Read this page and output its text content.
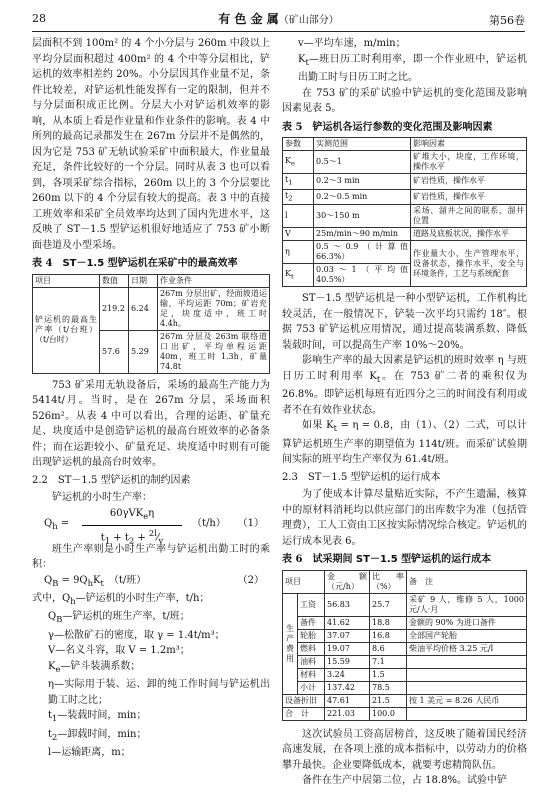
28	有 色 金 属（矿山部分）	第56卷

层面积不到 100m² 的 4 个小分层与 260m 中段以上平均分层面积超过 400m² 的 4 个中等分层相比，铲运机的效率相差约 20%。小分层因其作业量不足，条件比较差，对铲运机性能发挥有一定的限制，但并不与分层面积成正比例。分层大小对铲运机效率的影响，从本质上看是作业量和作业条件的影响。表 4 中所列的最高记录都发生在 267m 分层并不是偶然的，因为它是 753 矿无轨试验采矿中面积最大，作业量最充足，条件比较好的一个分层。同时从表 3 也可以看到，各项采矿综合指标，260m 以上的 3 个分层要比 260m 以下的 4 个分层有较大的提高。表 3 中的直接工班效率和采矿全员效率均达到了国内先进水平，这反映了 ST－1.5 型铲运机很好地适应了 753 矿小断面巷道及小型采场。

表 4　 ST－1.5 型铲运机在采矿中的最高效率
项目	数值	日期	作业条件
铲运机的最高生产率（t/台班）（t/台时）	219.2	6.24	267m 分层出矿，经面坡道运输，平均运距 70m；矿岩充足，块度适中，班工时 4.4h。
	57.6	5.29	267m 分层及 263m 联络道口出矿，平均单程运距 40m，班工时 1.3h，矿量 74.8t

753 矿采用无轨设备后，采场的最高生产能力为 5414t/月。当时，是在 267m 分层，采场面积 526m²。从表 4 中可以看出，合理的运距、矿量充足、块度适中是创造铲运机的最高台班效率的必备条件；而在运距较小、矿量充足、块度适中时则有可能出现铲运机的最高台时效率。

2.2　ST－1.5 型铲运机的制约因素

铲运机的小时生产率：

$Q_h$ =
60γVK$_e$η
$t_1 + t_2$ + $^{2l}⁄_v$
（t/h） （1）

班生产率则是小时生产率与铲运机出勤工时的乘积：

$Q_B = 9Q_hK_t$　（t/班）	（2）

式中，$Q_h—$铲运机的小时生产率，t/h；

$Q_B—$铲运机的班生产率，t/班；

γ—松散矿石的密度，取 γ = 1.4t/m³；

V—名义斗容，取 V = 1.2m³；

$K_e—$铲斗装满系数；

η—实际用于装、运、卸的纯工作时间与铲运机出勤工时之比；

$t_1—$装载时间，min；

$t_2—$卸载时间，min；

l—运输距离，m；

v—平均车速，m/min；

$K_t—$班日历工时利用率，即一个作业班中，铲运机出勤工时与日历工时之比。

在 753 矿的采矿试验中铲运机的变化范围及影响因素见表 5。

表 5　 铲运机各运行参数的变化范围及影响因素
参数	实测范围	影响因素
$K_e$	0.5～1	矿堆大小，块度，工作环境，操作水平
$t_1$	0.2～3 min	矿岩性质，操作水平
$t_2$	0.2～0.5 min	矿岩性质，操作水平
l	30～150 m	采场、溜井之间的联系，溜井位置
V	25m/min～90 m/min	道路及底板状况，操作水平
η	0.5～0.9（计算值 66.3%）	作业量大小，生产管理水平，设备状态，操作水平，安全与环境条件，工艺与系统配套
$K_t$	0.03～1（平均值 40.5%）	

ST－1.5 型铲运机是一种小型铲运机，工作机构比较灵活，在一般情况下，铲装一次平均只需约 18″。根据 753 矿铲运机应用情况，通过提高装满系数、降低装载时间，可以提高生产率 10%～20%。

影响生产率的最大因素是铲运机的班时效率 η 与班日历工时利用率 $K_t$。在 753 矿二者的乘积仅为 26.8%。即铲运机每班有近四分之三的时间没有利用或者不在有效作业状态。

如果 $K_t = \eta = 0.8$，由（1）、（2）二式，可以计算铲运机班生产率的期望值为 114t/班。而采矿试验期间实际的班平均生产率仅为 61.4t/班。

2.3　ST－1.5 型铲运机的运行成本

为了使成本计算尽量贴近实际，不产生遗漏，核算中的原材料消耗均以供应部门的出库数字为准（包括管理费），工人工资由工区按实际情况综合核定。铲运机的运行成本见表 6。

表 6　 试采期间 ST－1.5 型铲运机的运行成本
项目		金额（元/h）	比率（%）	备　注
生产费用	工资	56.83	25.7	采矿 9 人，维修 5 人，1000元/人·月
	备件	41.62	18.8	金额的 90% 为进口备件
	轮胎	37.07	16.8	全部国产轮胎
	燃料	19.07	8.6	柴油平均价格 3.25 元/l
	油料	15.59	7.1	
	材料	3.24	1.5	
	小计	137.42	78.5	
设备折旧		47.61	21.5	按 1 美元 = 8.26 人民币
合　计		221.03	100.0	

这次试验员工资高居榜首，这反映了随着国民经济高速发展，在各项上涨的成本指标中，以劳动力的价格攀升最快。企业要降低成本，就要考虑精简队伍。

备件在生产中居第二位，占 18.8%。试验中铲
